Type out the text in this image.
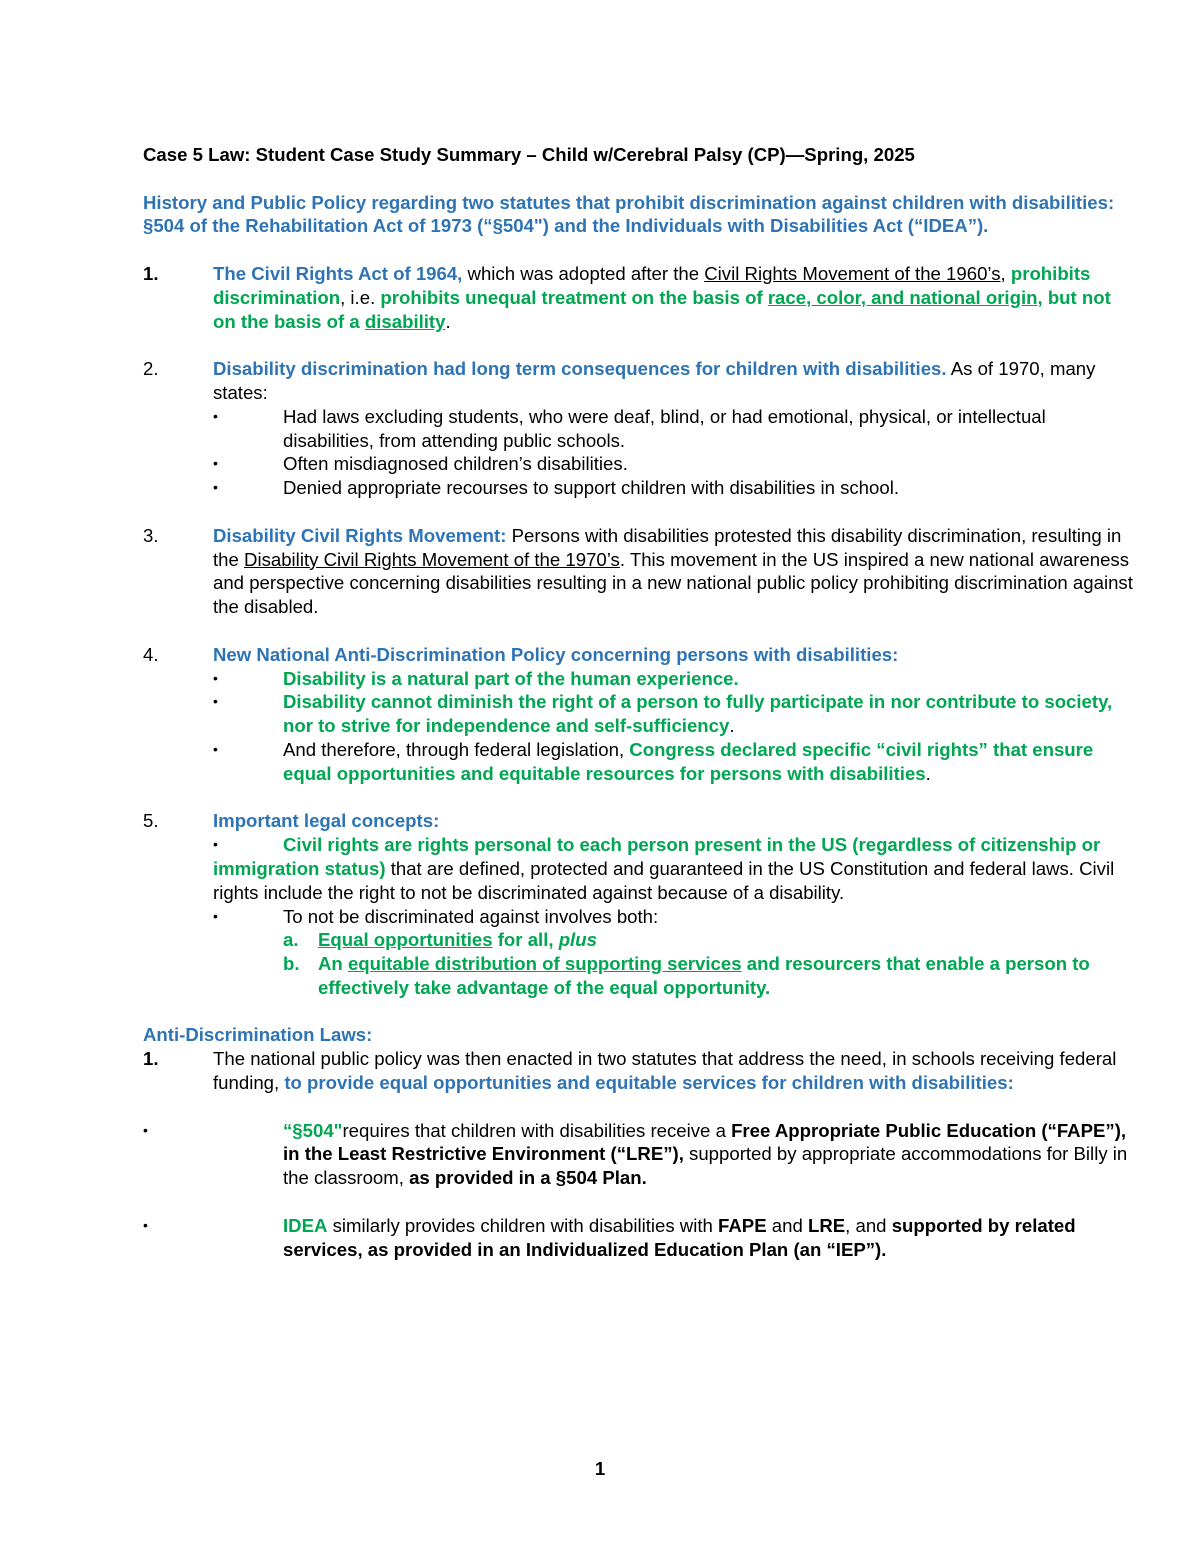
Case 5 Law: Student Case Study Summary – Child w/Cerebral Palsy (CP)—Spring, 2025
History and Public Policy regarding two statutes that prohibit discrimination against children with disabilities: §504 of the Rehabilitation Act of 1973 (“§504") and the Individuals with Disabilities Act (“IDEA”).
1.	The Civil Rights Act of 1964, which was adopted after the Civil Rights Movement of the 1960’s, prohibits discrimination, i.e. prohibits unequal treatment on the basis of race, color, and national origin, but not on the basis of a disability.
2.	Disability discrimination had long term consequences for children with disabilities. As of 1970, many states:
•	Had laws excluding students, who were deaf, blind, or had emotional, physical, or intellectual disabilities, from attending public schools.
•	Often misdiagnosed children’s disabilities.
•	Denied appropriate recourses to support children with disabilities in school.
3.	Disability Civil Rights Movement: Persons with disabilities protested this disability discrimination, resulting in the Disability Civil Rights Movement of the 1970’s. This movement in the US inspired a new national awareness and perspective concerning disabilities resulting in a new national public policy prohibiting discrimination against the disabled.
4.	New National Anti-Discrimination Policy concerning persons with disabilities:
•	Disability is a natural part of the human experience.
•	Disability cannot diminish the right of a person to fully participate in nor contribute to society, nor to strive for independence and self-sufficiency.
•	And therefore, through federal legislation, Congress declared specific “civil rights” that ensure equal opportunities and equitable resources for persons with disabilities.
5.	Important legal concepts:
•	Civil rights are rights personal to each person present in the US (regardless of citizenship or immigration status) that are defined, protected and guaranteed in the US Constitution and federal laws. Civil rights include the right to not be discriminated against because of a disability.
•	To not be discriminated against involves both:
a. Equal opportunities for all, plus
b. An equitable distribution of supporting services and resourcers that enable a person to effectively take advantage of the equal opportunity.
Anti-Discrimination Laws:
1.	The national public policy was then enacted in two statutes that address the need, in schools receiving federal funding, to provide equal opportunities and equitable services for children with disabilities:
•	“§504"requires that children with disabilities receive a Free Appropriate Public Education (“FAPE”), in the Least Restrictive Environment (“LRE”), supported by appropriate accommodations for Billy in the classroom, as provided in a §504 Plan.
•	IDEA similarly provides children with disabilities with FAPE and LRE, and supported by related services, as provided in an Individualized Education Plan (an “IEP”).
1
